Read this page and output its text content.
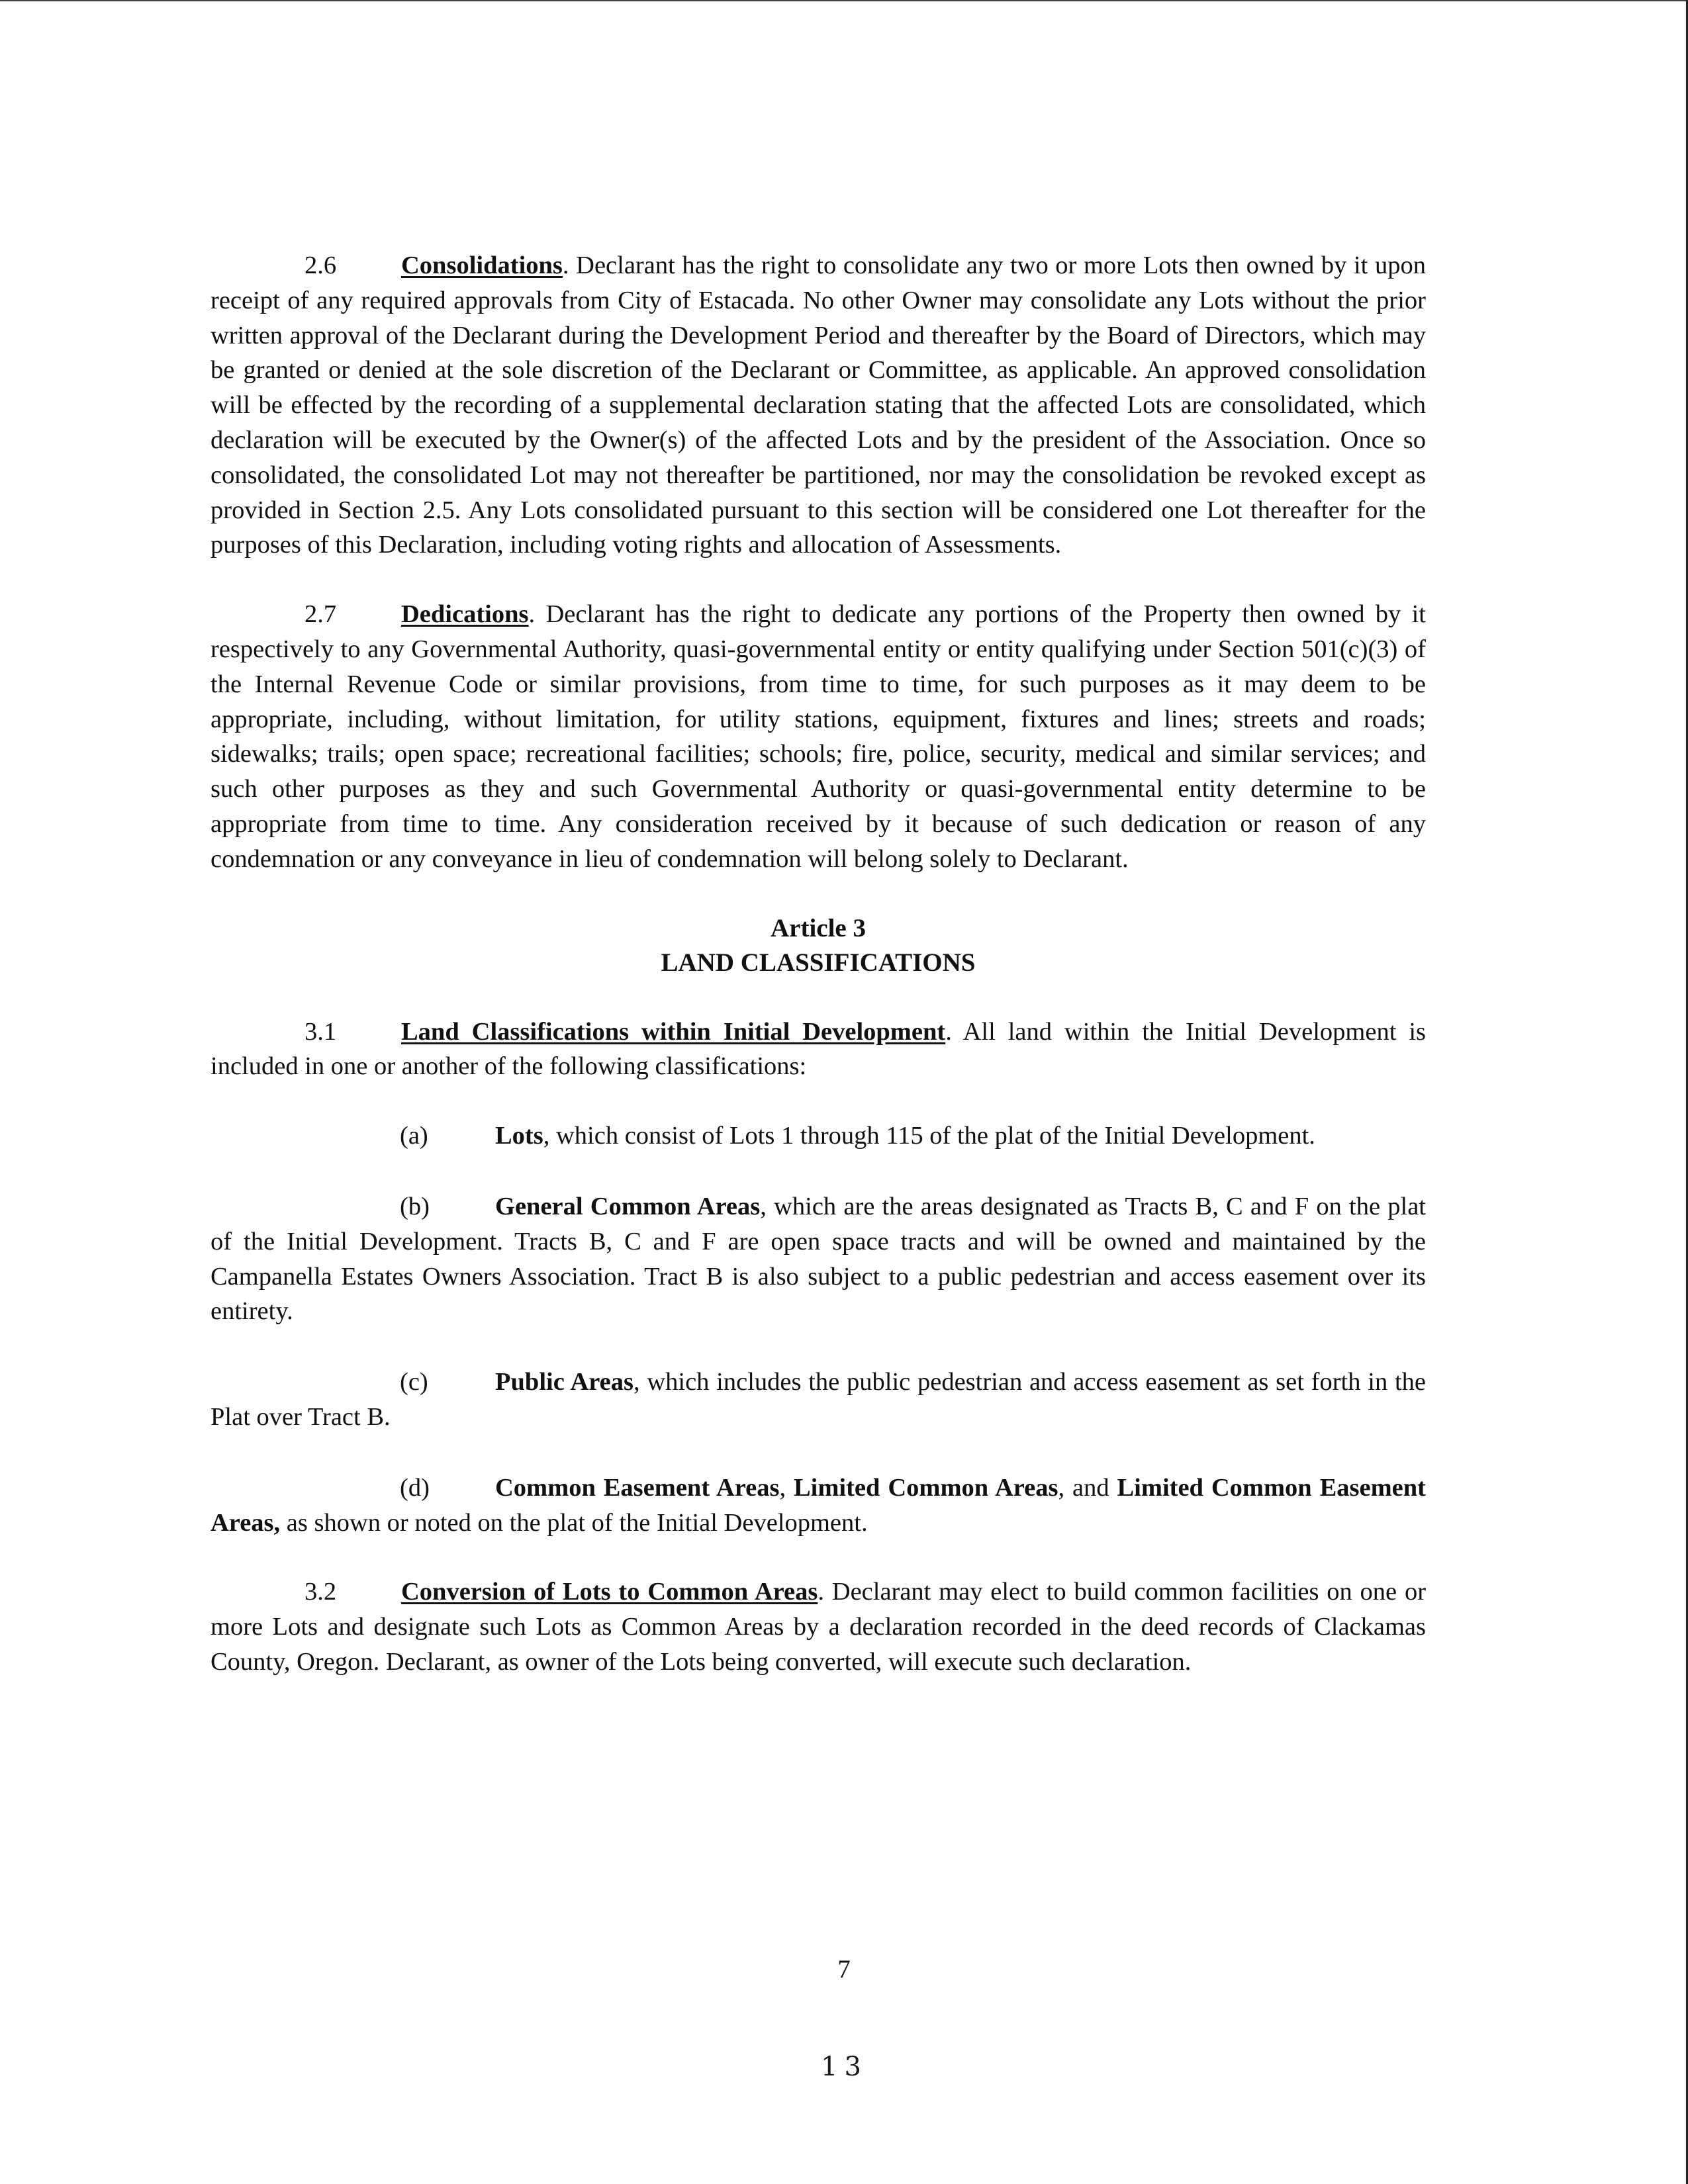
2.6	Consolidations. Declarant has the right to consolidate any two or more Lots then owned by it upon receipt of any required approvals from City of Estacada. No other Owner may consolidate any Lots without the prior written approval of the Declarant during the Development Period and thereafter by the Board of Directors, which may be granted or denied at the sole discretion of the Declarant or Committee, as applicable. An approved consolidation will be effected by the recording of a supplemental declaration stating that the affected Lots are consolidated, which declaration will be executed by the Owner(s) of the affected Lots and by the president of the Association. Once so consolidated, the consolidated Lot may not thereafter be partitioned, nor may the consolidation be revoked except as provided in Section 2.5. Any Lots consolidated pursuant to this section will be considered one Lot thereafter for the purposes of this Declaration, including voting rights and allocation of Assessments.

2.7	Dedications. Declarant has the right to dedicate any portions of the Property then owned by it respectively to any Governmental Authority, quasi-governmental entity or entity qualifying under Section 501(c)(3) of the Internal Revenue Code or similar provisions, from time to time, for such purposes as it may deem to be appropriate, including, without limitation, for utility stations, equipment, fixtures and lines; streets and roads; sidewalks; trails; open space; recreational facilities; schools; fire, police, security, medical and similar services; and such other purposes as they and such Governmental Authority or quasi-governmental entity determine to be appropriate from time to time. Any consideration received by it because of such dedication or reason of any condemnation or any conveyance in lieu of condemnation will belong solely to Declarant.

Article 3
LAND CLASSIFICATIONS

3.1	Land Classifications within Initial Development. All land within the Initial Development is included in one or another of the following classifications:

(a)	Lots, which consist of Lots 1 through 115 of the plat of the Initial Development.

(b)	General Common Areas, which are the areas designated as Tracts B, C and F on the plat of the Initial Development. Tracts B, C and F are open space tracts and will be owned and maintained by the Campanella Estates Owners Association. Tract B is also subject to a public pedestrian and access easement over its entirety.

(c)	Public Areas, which includes the public pedestrian and access easement as set forth in the Plat over Tract B.

(d)	Common Easement Areas, Limited Common Areas, and Limited Common Easement Areas, as shown or noted on the plat of the Initial Development.

3.2	Conversion of Lots to Common Areas. Declarant may elect to build common facilities on one or more Lots and designate such Lots as Common Areas by a declaration recorded in the deed records of Clackamas County, Oregon. Declarant, as owner of the Lots being converted, will execute such declaration.

7
13
